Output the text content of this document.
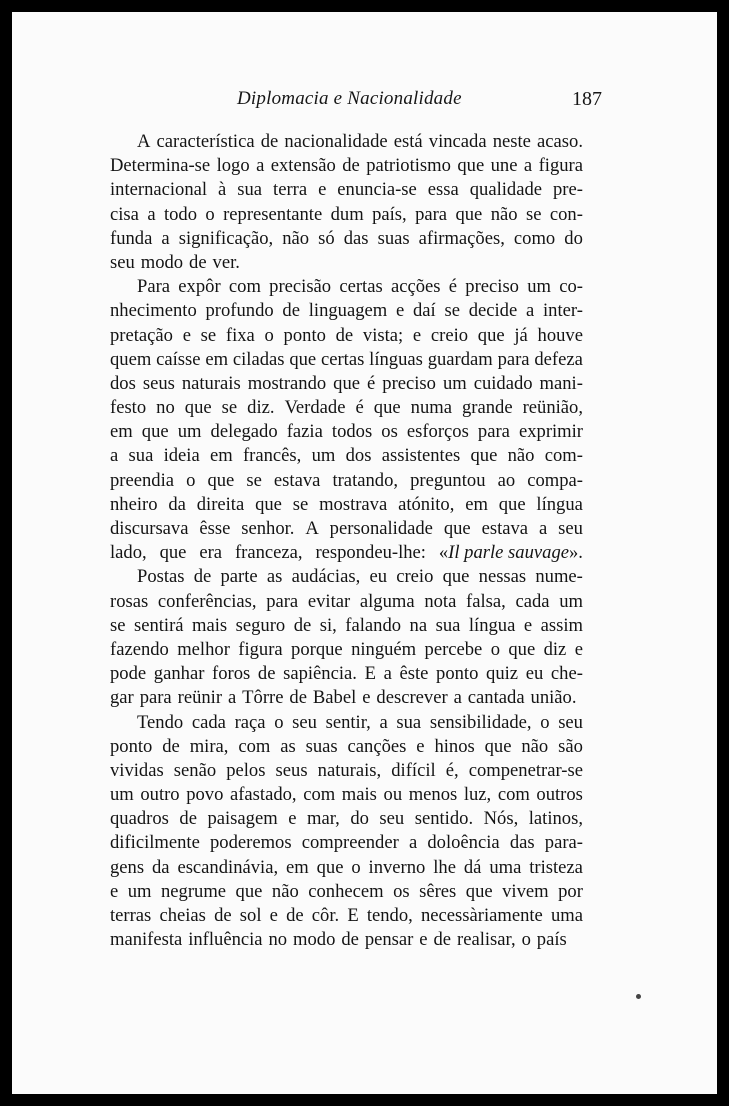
Diplomacia e Nacionalidade	187
A característica de nacionalidade está vincada neste acaso.
Determina-se logo a extensão de patriotismo que une a figura
internacional à sua terra e enuncia-se essa qualidade pre-
cisa a todo o representante dum país, para que não se con-
funda a significação, não só das suas afirmações, como do
seu modo de ver.
Para expôr com precisão certas acções é preciso um co-
nhecimento profundo de linguagem e daí se decide a inter-
pretação e se fixa o ponto de vista; e creio que já houve
quem caísse em ciladas que certas línguas guardam para defeza
dos seus naturais mostrando que é preciso um cuidado mani-
festo no que se diz. Verdade é que numa grande reünião,
em que um delegado fazia todos os esforços para exprimir
a sua ideia em francês, um dos assistentes que não com-
preendia o que se estava tratando, preguntou ao compa-
nheiro da direita que se mostrava atónito, em que língua
discursava êsse senhor. A personalidade que estava a seu
lado, que era franceza, respondeu-lhe: «Il parle sauvage».
Postas de parte as audácias, eu creio que nessas nume-
rosas conferências, para evitar alguma nota falsa, cada um
se sentirá mais seguro de si, falando na sua língua e assim
fazendo melhor figura porque ninguém percebe o que diz e
pode ganhar foros de sapiência. E a êste ponto quiz eu che-
gar para reünir a Tôrre de Babel e descrever a cantada união.
Tendo cada raça o seu sentir, a sua sensibilidade, o seu
ponto de mira, com as suas canções e hinos que não são
vividas senão pelos seus naturais, difícil é, compenetrar-se
um outro povo afastado, com mais ou menos luz, com outros
quadros de paisagem e mar, do seu sentido. Nós, latinos,
dificilmente poderemos compreender a doloência das para-
gens da escandinávia, em que o inverno lhe dá uma tristeza
e um negrume que não conhecem os sêres que vivem por
terras cheias de sol e de côr. E tendo, necessàriamente uma
manifesta influência no modo de pensar e de realisar, o país
